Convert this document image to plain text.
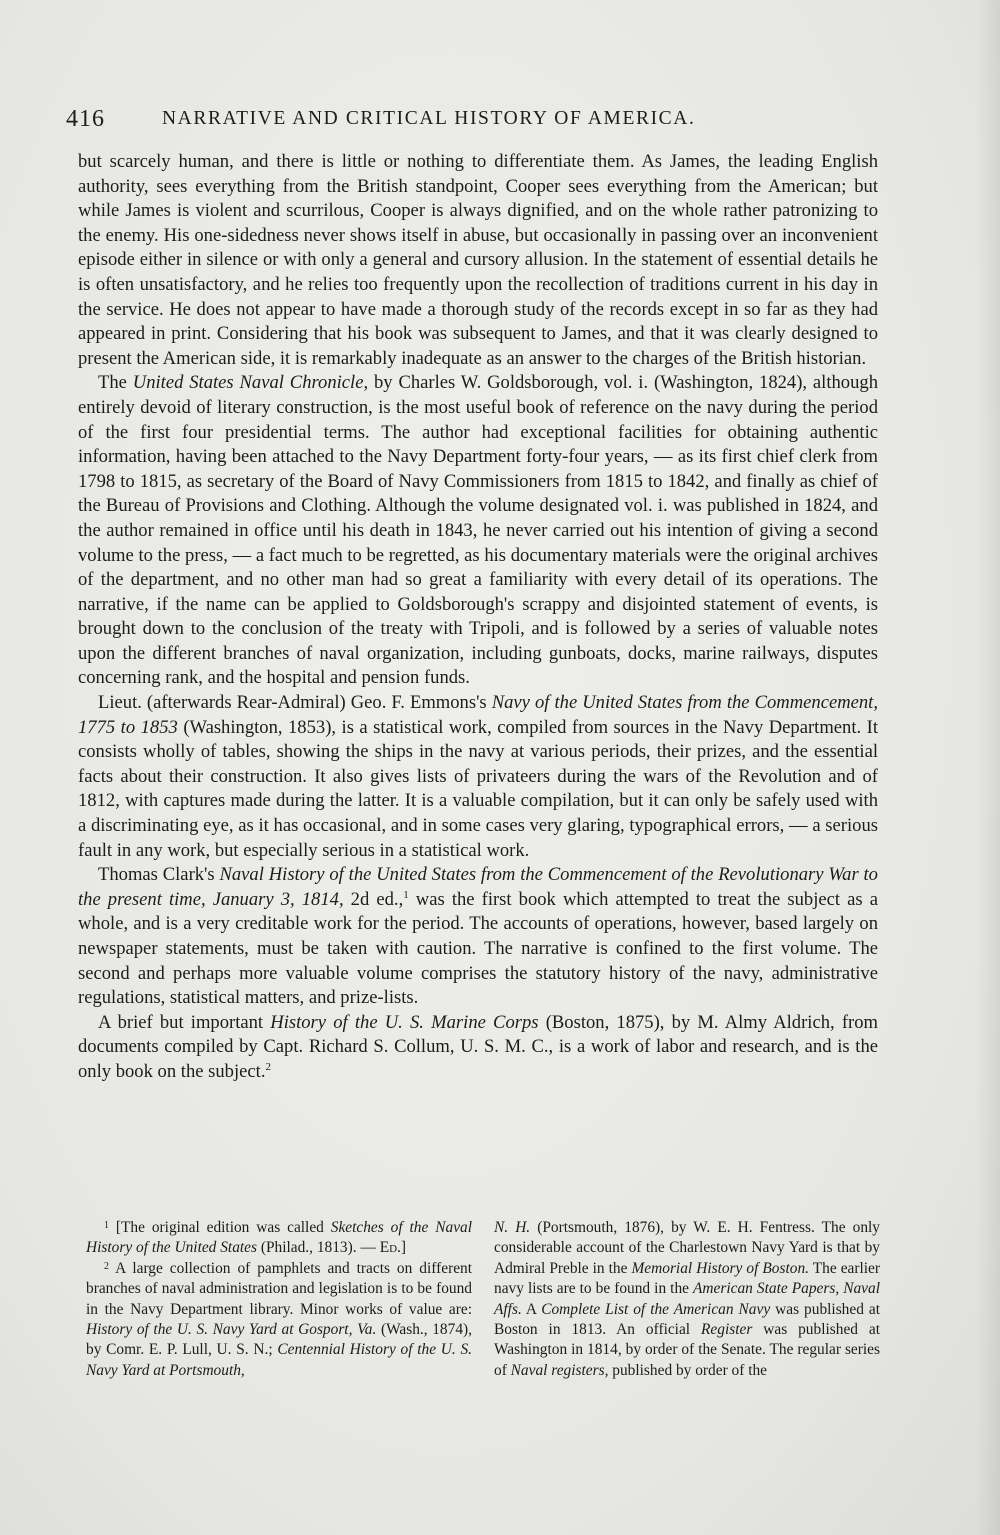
416	NARRATIVE AND CRITICAL HISTORY OF AMERICA.

but scarcely human, and there is little or nothing to differentiate them. As James, the leading English authority, sees everything from the British standpoint, Cooper sees everything from the American; but while James is violent and scurrilous, Cooper is always dignified, and on the whole rather patronizing to the enemy. His one-sidedness never shows itself in abuse, but occasionally in passing over an inconvenient episode either in silence or with only a general and cursory allusion. In the statement of essential details he is often unsatisfactory, and he relies too frequently upon the recollection of traditions current in his day in the service. He does not appear to have made a thorough study of the records except in so far as they had appeared in print. Considering that his book was subsequent to James, and that it was clearly designed to present the American side, it is remarkably inadequate as an answer to the charges of the British historian.

The United States Naval Chronicle, by Charles W. Goldsborough, vol. i. (Washington, 1824), although entirely devoid of literary construction, is the most useful book of reference on the navy during the period of the first four presidential terms. The author had exceptional facilities for obtaining authentic information, having been attached to the Navy Department forty-four years, — as its first chief clerk from 1798 to 1815, as secretary of the Board of Navy Commissioners from 1815 to 1842, and finally as chief of the Bureau of Provisions and Clothing. Although the volume designated vol. i. was published in 1824, and the author remained in office until his death in 1843, he never carried out his intention of giving a second volume to the press, — a fact much to be regretted, as his documentary materials were the original archives of the department, and no other man had so great a familiarity with every detail of its operations. The narrative, if the name can be applied to Goldsborough's scrappy and disjointed statement of events, is brought down to the conclusion of the treaty with Tripoli, and is followed by a series of valuable notes upon the different branches of naval organization, including gunboats, docks, marine railways, disputes concerning rank, and the hospital and pension funds.

Lieut. (afterwards Rear-Admiral) Geo. F. Emmons's Navy of the United States from the Commencement, 1775 to 1853 (Washington, 1853), is a statistical work, compiled from sources in the Navy Department. It consists wholly of tables, showing the ships in the navy at various periods, their prizes, and the essential facts about their construction. It also gives lists of privateers during the wars of the Revolution and of 1812, with captures made during the latter. It is a valuable compilation, but it can only be safely used with a discriminating eye, as it has occasional, and in some cases very glaring, typographical errors, — a serious fault in any work, but especially serious in a statistical work.

Thomas Clark's Naval History of the United States from the Commencement of the Revolutionary War to the present time, January 3, 1814, 2d ed.,$^1$ was the first book which attempted to treat the subject as a whole, and is a very creditable work for the period. The accounts of operations, however, based largely on newspaper statements, must be taken with caution. The narrative is confined to the first volume. The second and perhaps more valuable volume comprises the statutory history of the navy, administrative regulations, statistical matters, and prize-lists.

A brief but important History of the U. S. Marine Corps (Boston, 1875), by M. Almy Aldrich, from documents compiled by Capt. Richard S. Collum, U. S. M. C., is a work of labor and research, and is the only book on the subject.$^2$

$^1$ [The original edition was called Sketches of the Naval History of the United States (Philad., 1813). — Ed.]

$^2$ A large collection of pamphlets and tracts on different branches of naval administration and legislation is to be found in the Navy Department library. Minor works of value are: History of the U. S. Navy Yard at Gosport, Va. (Wash., 1874), by Comr. E. P. Lull, U. S. N.; Centennial History of the U. S. Navy Yard at Portsmouth,

N. H. (Portsmouth, 1876), by W. E. H. Fentress. The only considerable account of the Charlestown Navy Yard is that by Admiral Preble in the Memorial History of Boston. The earlier navy lists are to be found in the American State Papers, Naval Affs. A Complete List of the American Navy was published at Boston in 1813. An official Register was published at Washington in 1814, by order of the Senate. The regular series of Naval registers, published by order of the
